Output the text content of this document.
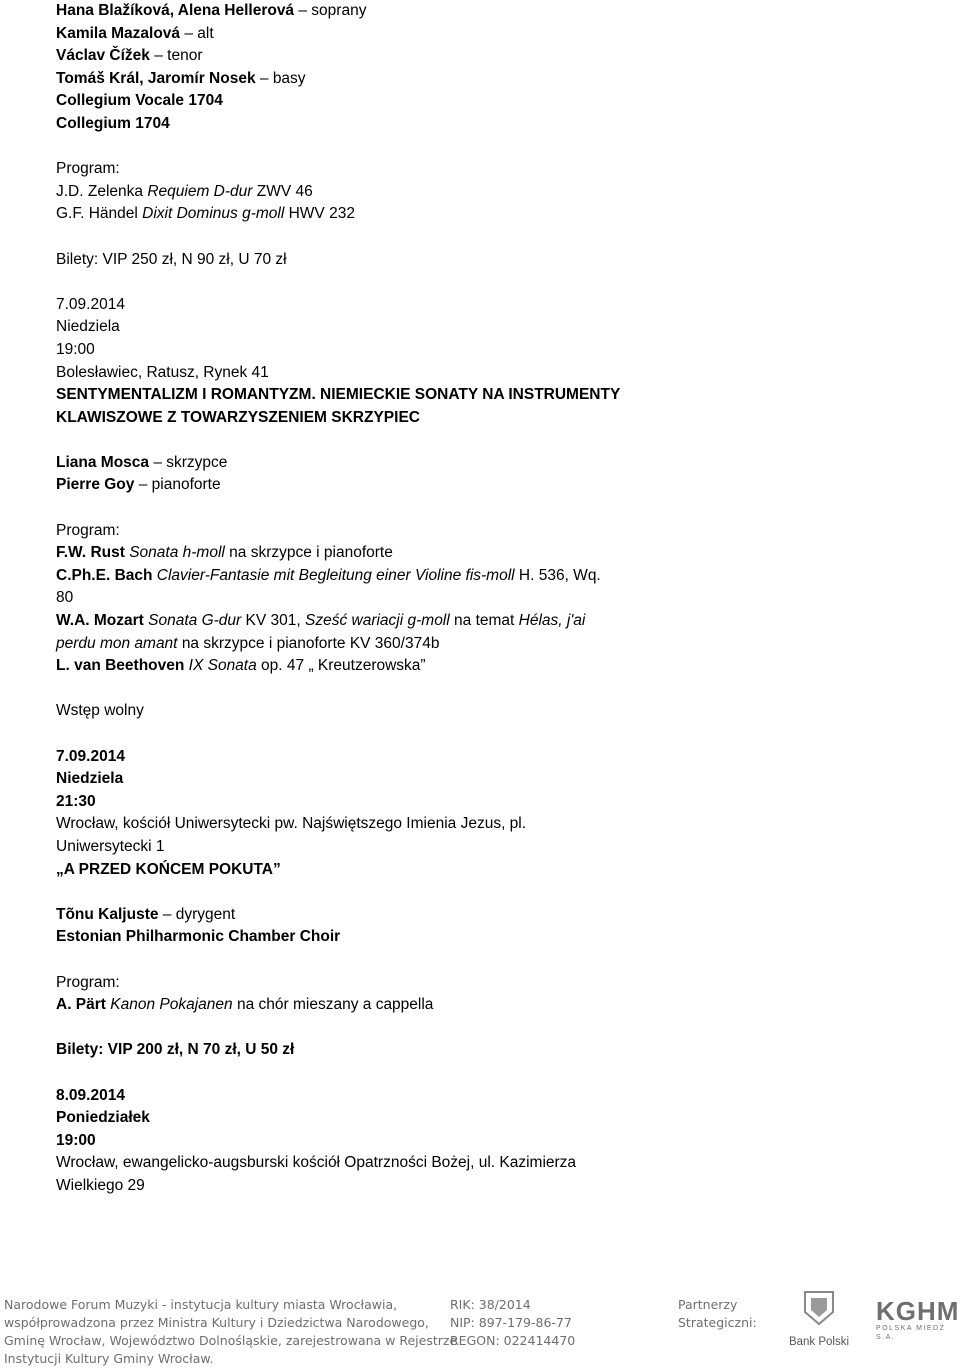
Hana Blažíková, Alena Hellerová – soprany
Kamila Mazalová – alt
Václav Čížek – tenor
Tomáš Král, Jaromír Nosek – basy
Collegium Vocale 1704
Collegium 1704
Program:
J.D. Zelenka Requiem D-dur ZWV 46
G.F. Händel Dixit Dominus g-moll HWV 232
Bilety: VIP 250 zł, N 90 zł, U 70 zł
7.09.2014
Niedziela
19:00
Bolesławiec, Ratusz, Rynek 41
SENTYMENTALIZM I ROMANTYZM. NIEMIECKIE SONATY NA INSTRUMENTY
KLAWISZOWE Z TOWARZYSZENIEM SKRZYPIEC
Liana Mosca – skrzypce
Pierre Goy – pianoforte
Program:
F.W. Rust Sonata h-moll na skrzypce i pianoforte
C.Ph.E. Bach Clavier-Fantasie mit Begleitung einer Violine fis-moll H. 536, Wq.
80
W.A. Mozart Sonata G-dur KV 301, Sześć wariacji g-moll na temat Hélas, j'ai
perdu mon amant na skrzypce i pianoforte KV 360/374b
L. van Beethoven IX Sonata op. 47 „ Kreutzerowska”
Wstęp wolny
7.09.2014
Niedziela
21:30
Wrocław, kościół Uniwersytecki pw. Najświętszego Imienia Jezus, pl.
Uniwersytecki 1
„A PRZED KOŃCEM POKUTA”
Tõnu Kaljuste – dyrygent
Estonian Philharmonic Chamber Choir
Program:
A. Pärt Kanon Pokajanen na chór mieszany a cappella
Bilety: VIP 200 zł, N 70 zł, U 50 zł
8.09.2014
Poniedziałek
19:00
Wrocław, ewangelicko-augsburski kościół Opatrzności Bożej, ul. Kazimierza
Wielkiego 29
Narodowe Forum Muzyki - instytucja kultury miasta Wrocławia,
współprowadzona przez Ministra Kultury i Dziedzictwa Narodowego,
Gminę Wrocław, Województwo Dolnośląskie, zarejestrowana w Rejestrze
Instytucji Kultury Gminy Wrocław.
RIK: 38/2014
NIP: 897-179-86-77
REGON: 022414470
Partnerzy
Strategiczni:
Bank Polski
KGHM
POLSKA MIEDŹ S.A.
